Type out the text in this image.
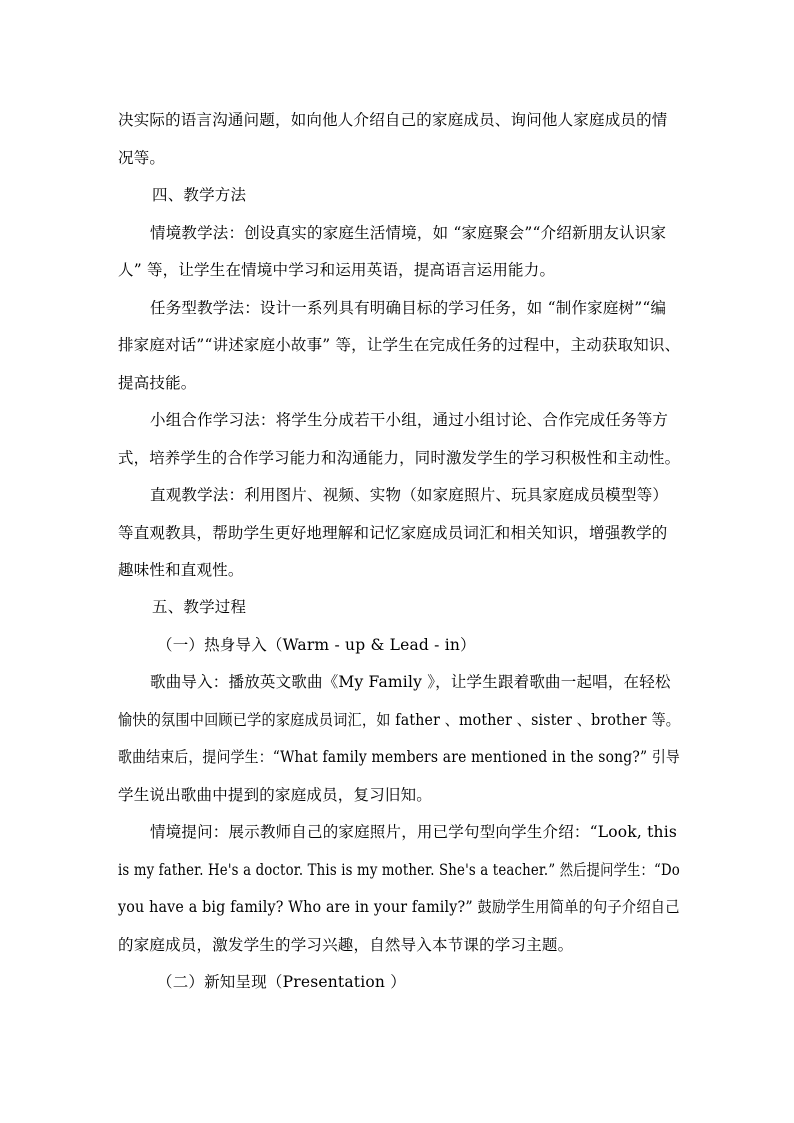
决实际的语言沟通问题，如向他人介绍自己的家庭成员、询问他人家庭成员的情
况等。
四、教学方法
情境教学法：创设真实的家庭生活情境，如 “家庭聚会”“介绍新朋友认识家
人” 等，让学生在情境中学习和运用英语，提高语言运用能力。
任务型教学法：设计一系列具有明确目标的学习任务，如 “制作家庭树”“编
排家庭对话”“讲述家庭小故事” 等，让学生在完成任务的过程中，主动获取知识、
提高技能。
小组合作学习法：将学生分成若干小组，通过小组讨论、合作完成任务等方
式，培养学生的合作学习能力和沟通能力，同时激发学生的学习积极性和主动性。
直观教学法：利用图片、视频、实物（如家庭照片、玩具家庭成员模型等）
等直观教具，帮助学生更好地理解和记忆家庭成员词汇和相关知识，增强教学的
趣味性和直观性。
五、教学过程
（一）热身导入（Warm - up & Lead - in）
歌曲导入：播放英文歌曲《My Family 》，让学生跟着歌曲一起唱，在轻松
愉快的氛围中回顾已学的家庭成员词汇，如 father 、mother 、sister 、brother 等。
歌曲结束后，提问学生：“What family members are mentioned in the song?” 引导
学生说出歌曲中提到的家庭成员，复习旧知。
情境提问：展示教师自己的家庭照片，用已学句型向学生介绍：“Look, this
is my father. He's a doctor. This is my mother. She's a teacher.” 然后提问学生：“Do
you have a big family? Who are in your family?” 鼓励学生用简单的句子介绍自己
的家庭成员，激发学生的学习兴趣，自然导入本节课的学习主题。
（二）新知呈现（Presentation ）
